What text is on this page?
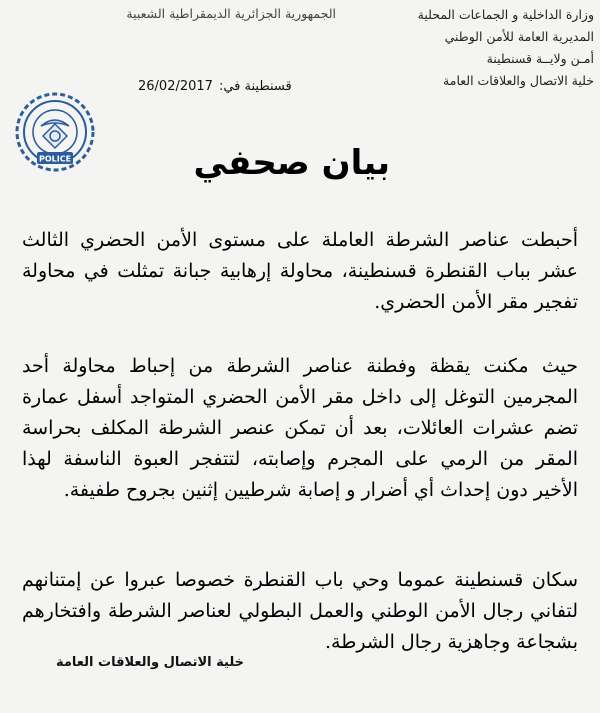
وزارة الداخلية و الجماعات المحلية
المديرية العامة للأمن الوطني
أمـن ولايــة قسنطينة
خلية الاتصال والعلاقات العامة
الجمهورية الجزائرية الديمقراطية الشعبية
قسنطينة في:26/02/2017
POLICE	بيان صحفي

أحبطت عناصر الشرطة العاملة على مستوى الأمن الحضري الثالث عشر بباب القنطرة قسنطينة، محاولة إرهابية جبانة تمثلت في محاولة تفجير مقر الأمن الحضري.

حيث مكنت يقظة وفطنة عناصر الشرطة من إحباط محاولة أحد المجرمين التوغل إلى داخل مقر الأمن الحضري المتواجد أسفل عمارة تضم عشرات العائلات، بعد أن تمكن عنصر الشرطة المكلف بحراسة المقر من الرمي على المجرم وإصابته، لتتفجر العبوة الناسفة لهذا الأخير دون إحداث أي أضرار و إصابة شرطيين إثنين بجروح طفيفة.

سكان قسنطينة عموما وحي باب القنطرة خصوصا عبروا عن إمتنانهم لتفاني رجال الأمن الوطني والعمل البطولي لعناصر الشرطة وافتخارهم بشجاعة وجاهزية رجال الشرطة.

خلية الاتصال والعلاقات العامة
